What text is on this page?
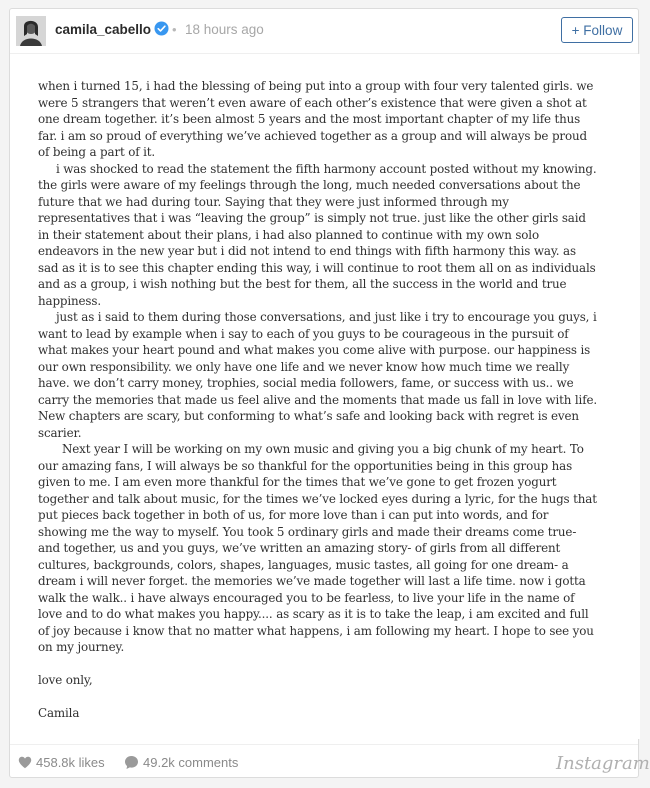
camila_cabello • 18 hours ago	+ Follow
458.8k likes	49.2k comments	Instagram

when i turned 15, i had the blessing of being put into a group with four very talented girls. we were 5 strangers that weren’t even aware of each other’s existence that were given a shot at one dream together. it’s been almost 5 years and the most important chapter of my life thus far. i am so proud of everything we’ve achieved together as a group and will always be proud of being a part of it.

i was shocked to read the statement the fifth harmony account posted without my knowing. the girls were aware of my feelings through the long, much needed conversations about the future that we had during tour. Saying that they were just informed through my representatives that i was “leaving the group” is simply not true. just like the other girls said in their statement about their plans, i had also planned to continue with my own solo endeavors in the new year but i did not intend to end things with fifth harmony this way. as sad as it is to see this chapter ending this way, i will continue to root them all on as individuals and as a group, i wish nothing but the best for them, all the success in the world and true happiness.

just as i said to them during those conversations, and just like i try to encourage you guys, i want to lead by example when i say to each of you guys to be courageous in the pursuit of what makes your heart pound and what makes you come alive with purpose. our happiness is our own responsibility. we only have one life and we never know how much time we really have. we don’t carry money, trophies, social media followers, fame, or success with us.. we carry the memories that made us feel alive and the moments that made us fall in love with life. New chapters are scary, but conforming to what’s safe and looking back with regret is even scarier.

Next year I will be working on my own music and giving you a big chunk of my heart. To our amazing fans, I will always be so thankful for the opportunities being in this group has given to me. I am even more thankful for the times that we’ve gone to get frozen yogurt together and talk about music, for the times we’ve locked eyes during a lyric, for the hugs that put pieces back together in both of us, for more love than i can put into words, and for showing me the way to myself. You took 5 ordinary girls and made their dreams come true- and together, us and you guys, we’ve written an amazing story- of girls from all different cultures, backgrounds, colors, shapes, languages, music tastes, all going for one dream- a dream i will never forget. the memories we’ve made together will last a life time. now i gotta walk the walk.. i have always encouraged you to be fearless, to live your life in the name of love and to do what makes you happy.... as scary as it is to take the leap, i am excited and full of joy because i know that no matter what happens, i am following my heart. I hope to see you on my journey.

love only,

Camila
